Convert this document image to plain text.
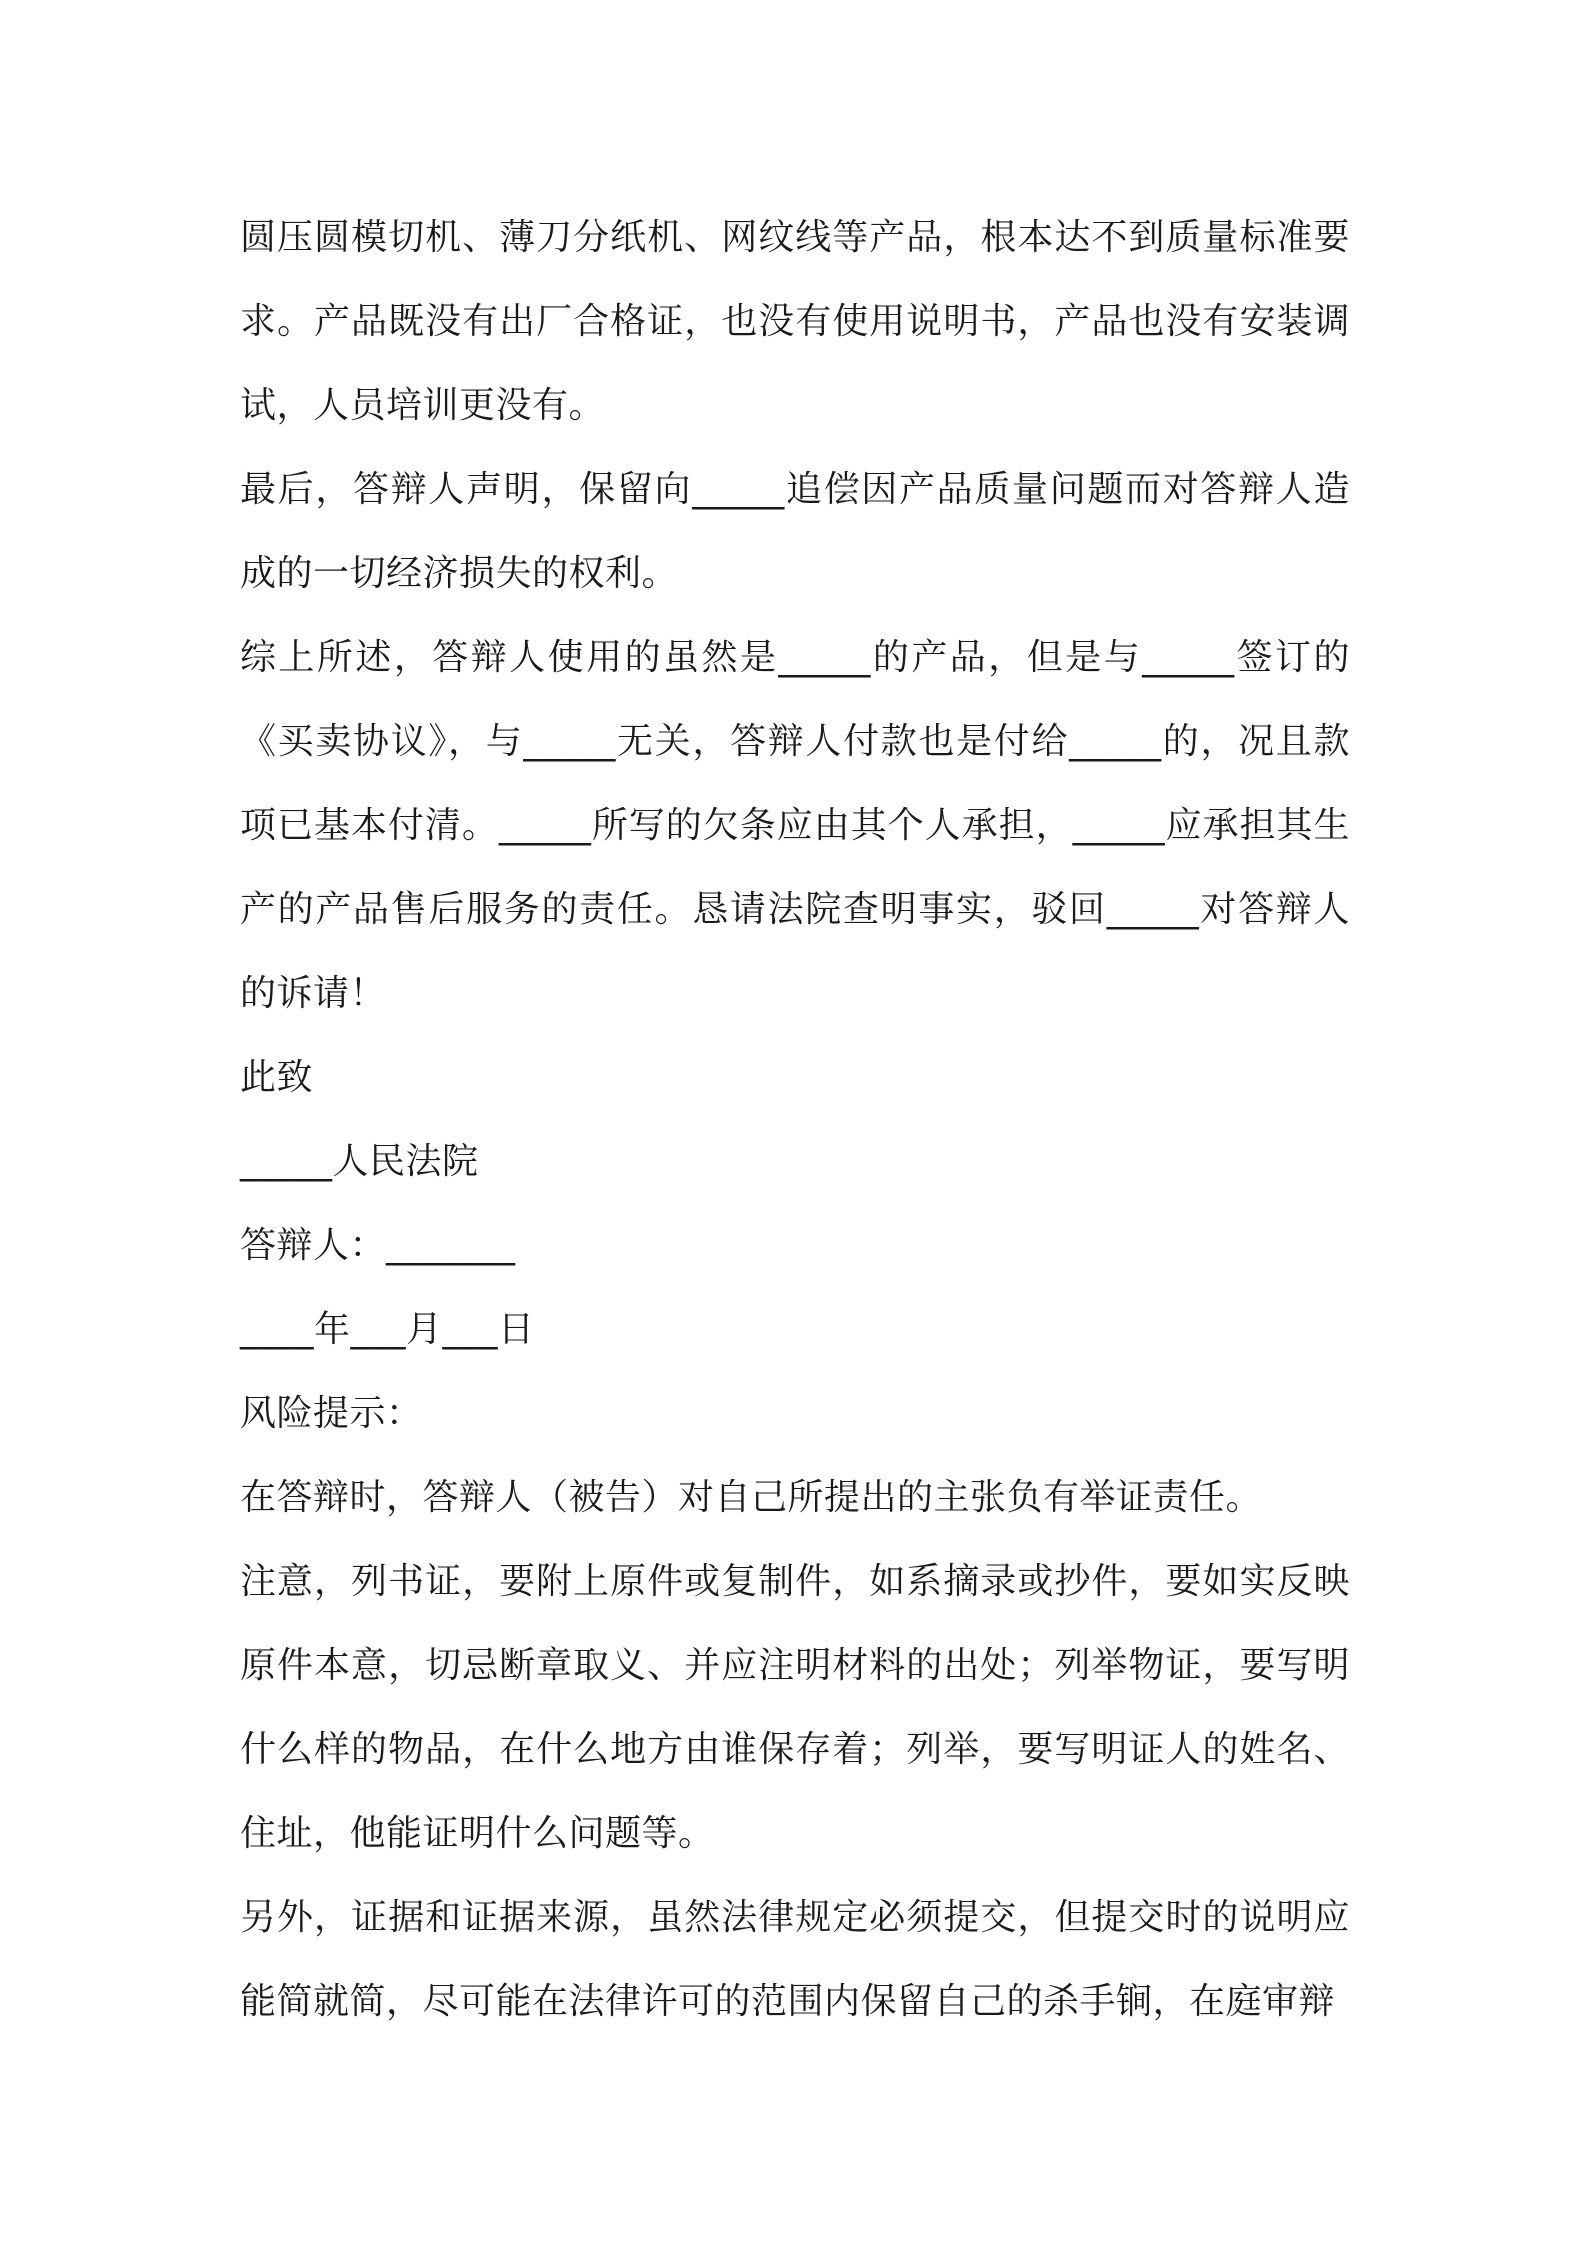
圆压圆模切机、薄刀分纸机、网纹线等产品，根本达不到质量标准要求。产品既没有出厂合格证，也没有使用说明书，产品也没有安装调试，人员培训更没有。

最后，答辩人声明，保留向_____追偿因产品质量问题而对答辩人造成的一切经济损失的权利。

综上所述，答辩人使用的虽然是_____的产品，但是与_____签订的《买卖协议》，与_____无关，答辩人付款也是付给_____的，况且款项已基本付清。_____所写的欠条应由其个人承担，_____应承担其生产的产品售后服务的责任。恳请法院查明事实，驳回_____对答辩人的诉请！

此致

_____人民法院

答辩人：_______

____年___月___日

风险提示：

在答辩时，答辩人（被告）对自己所提出的主张负有举证责任。

注意，列书证，要附上原件或复制件，如系摘录或抄件，要如实反映原件本意，切忌断章取义、并应注明材料的出处；列举物证，要写明什么样的物品，在什么地方由谁保存着；列举，要写明证人的姓名、住址，他能证明什么问题等。

另外，证据和证据来源，虽然法律规定必须提交，但提交时的说明应能简就简，尽可能在法律许可的范围内保留自己的杀手锏，在庭审辩
